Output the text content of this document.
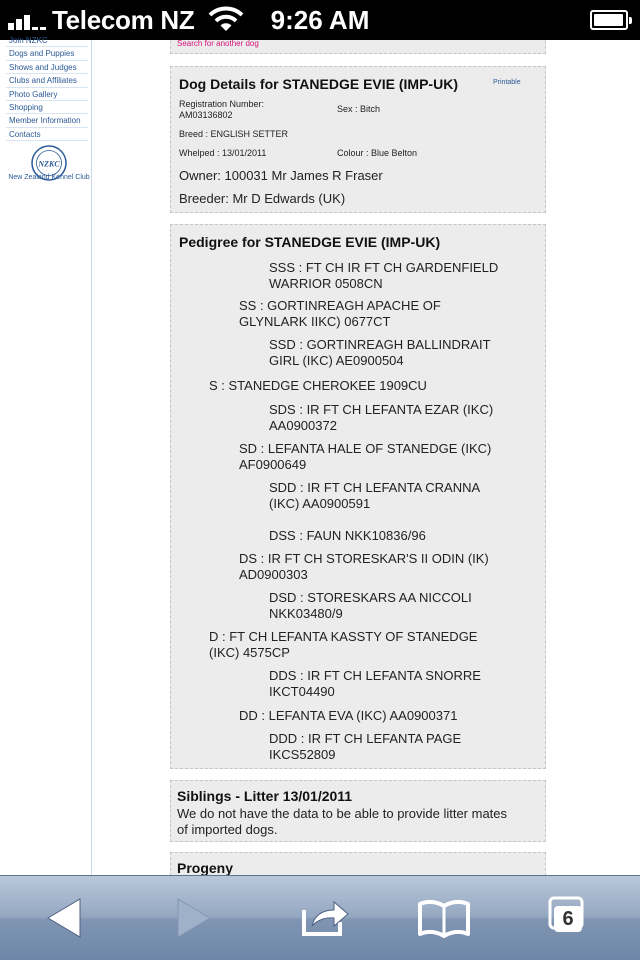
Telecom NZ	9:26 AM
Join NZKC
Dogs and Puppies
Shows and Judges
Clubs and Affiliates
Photo Gallery
Shopping
Member Information
Contacts
NZKC
New Zealand Kennel Club
Search for another dog
Dog Details for STANEDGE EVIE (IMP-UK)	Printable
Registration Number:
AM03136802
Sex : Bitch
Breed : ENGLISH SETTER
Whelped : 13/01/2011	Colour : Blue Belton
Owner: 100031 Mr James R Fraser
Breeder: Mr D Edwards (UK)
Pedigree for STANEDGE EVIE (IMP-UK)
SSS : FT CH IR FT CH GARDENFIELD WARRIOR 0508CN
SS : GORTINREAGH APACHE OF GLYNLARK IIKC) 0677CT
SSD : GORTINREAGH BALLINDRAIT GIRL (IKC) AE0900504
S : STANEDGE CHEROKEE 1909CU
SDS : IR FT CH LEFANTA EZAR (IKC) AA0900372
SD : LEFANTA HALE OF STANEDGE (IKC) AF0900649
SDD : IR FT CH LEFANTA CRANNA (IKC) AA0900591
DSS : FAUN NKK10836/96
DS : IR FT CH STORESKAR'S II ODIN (IK) AD0900303
DSD : STORESKARS AA NICCOLI NKK03480/9
D : FT CH LEFANTA KASSTY OF STANEDGE (IKC) 4575CP
DDS : IR FT CH LEFANTA SNORRE IKCT04490
DD : LEFANTA EVA (IKC) AA0900371
DDD : IR FT CH LEFANTA PAGE IKCS52809
Siblings - Litter 13/01/2011
We do not have the data to be able to provide litter mates of imported dogs.
Progeny
6
